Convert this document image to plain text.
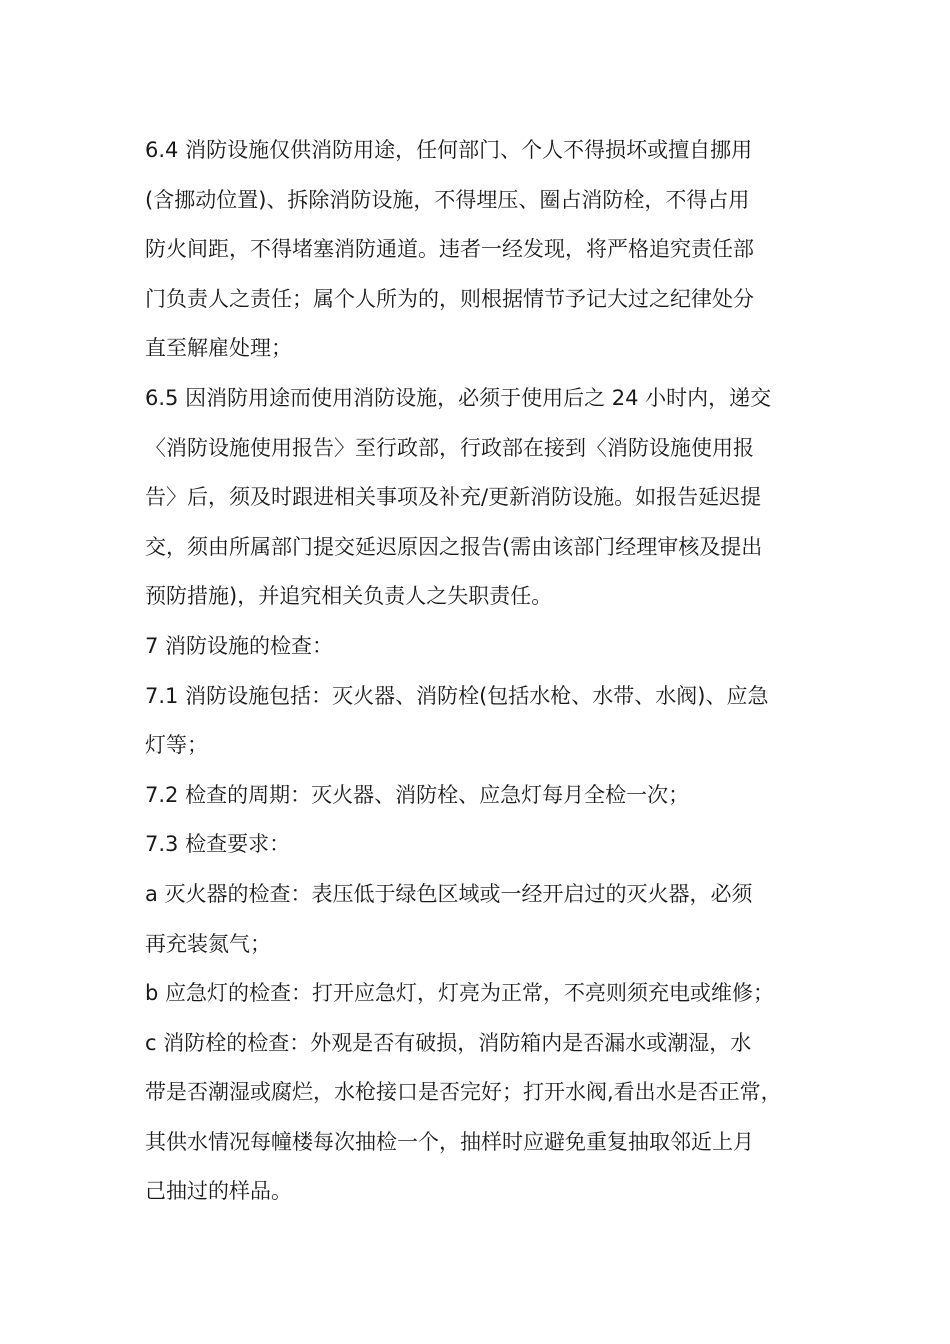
6.4 消防设施仅供消防用途，任何部门、个人不得损坏或擅自挪用
(含挪动位置)、拆除消防设施，不得埋压、圈占消防栓，不得占用
防火间距，不得堵塞消防通道。违者一经发现，将严格追究责任部
门负责人之责任；属个人所为的，则根据情节予记大过之纪律处分
直至解雇处理；
6.5 因消防用途而使用消防设施，必须于使用后之 24 小时内，递交
〈消防设施使用报告〉至行政部，行政部在接到〈消防设施使用报
告〉后，须及时跟进相关事项及补充/更新消防设施。如报告延迟提
交，须由所属部门提交延迟原因之报告(需由该部门经理审核及提出
预防措施)，并追究相关负责人之失职责任。
7 消防设施的检查：
7.1 消防设施包括：灭火器、消防栓(包括水枪、水带、水阀)、应急
灯等；
7.2 检查的周期：灭火器、消防栓、应急灯每月全检一次；
7.3 检查要求：
a 灭火器的检查：表压低于绿色区域或一经开启过的灭火器，必须
再充装氮气；
b 应急灯的检查：打开应急灯，灯亮为正常，不亮则须充电或维修；
c 消防栓的检查：外观是否有破损，消防箱内是否漏水或潮湿，水
带是否潮湿或腐烂，水枪接口是否完好；打开水阀,看出水是否正常，
其供水情况每幢楼每次抽检一个，抽样时应避免重复抽取邻近上月
己抽过的样品。
